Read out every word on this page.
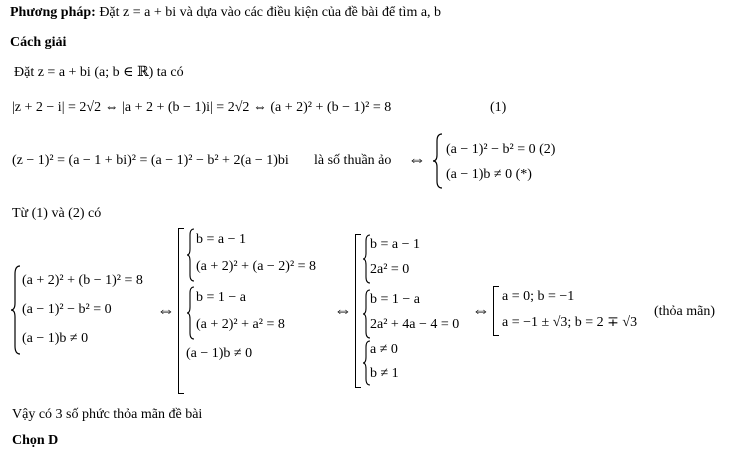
Phương pháp: Đặt z = a + bi và dựa vào các điều kiện của đề bài để tìm a, b
Cách giải
Đặt z = a + bi (a; b ∈ ℝ) ta có
|z + 2 − i| = 2√2 ⇔ |a + 2 + (b − 1)i| = 2√2 ⇔ (a + 2)² + (b − 1)² = 8	(1)
(z − 1)² = (a − 1 + bi)² = (a − 1)² − b² + 2(a − 1)bi là số thuần ảo ⇔ (a − 1)² − b² = 0 (2)
(a − 1)b ≠ 0 (*)
Từ (1) và (2) có
(a + 2)² + (b − 1)² = 8
(a − 1)² − b² = 0
(a − 1)b ≠ 0
⇔
b = a − 1
(a + 2)² + (a − 2)² = 8
b = 1 − a
(a + 2)² + a² = 8
(a − 1)b ≠ 0
⇔
b = a − 1
2a² = 0
b = 1 − a
2a² + 4a − 4 = 0
a ≠ 0
b ≠ 1
⇔
a = 0; b = −1
a = −1 ± √3; b = 2 ∓ √3
(thỏa mãn)
Vậy có 3 số phức thỏa mãn đề bài
Chọn D
